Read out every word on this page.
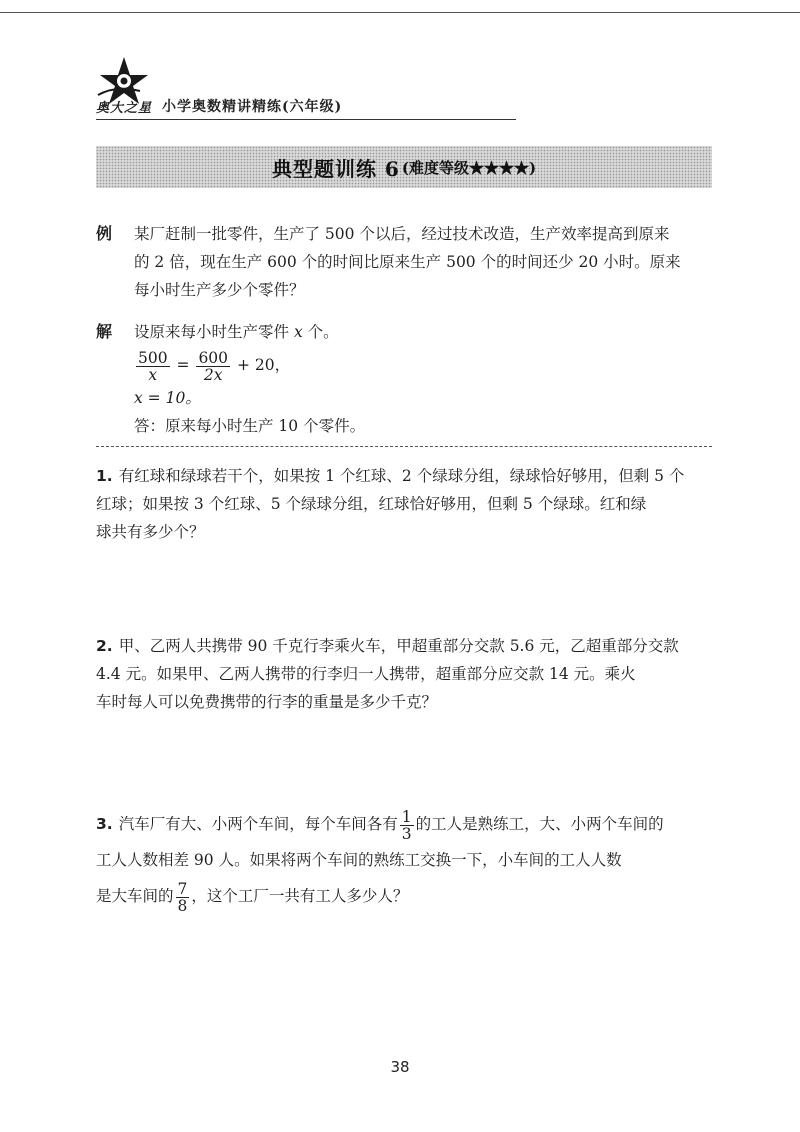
奥大之星 小学奥数精讲精练(六年级)
典型题训练 6 (难度等级★★★★)
例 某厂赶制一批零件，生产了 500 个以后，经过技术改造，生产效率提高到原来
的 2 倍，现在生产 600 个的时间比原来生产 500 个的时间还少 20 小时。原来
每小时生产多少个零件？
解 设原来每小时生产零件 x 个。
$\frac{500}{x} = \frac{600}{2x} + 20$，
x = 10。
答：原来每小时生产 10 个零件。
1. 有红球和绿球若干个，如果按 1 个红球、2 个绿球分组，绿球恰好够用，但剩 5 个
红球；如果按 3 个红球、5 个绿球分组，红球恰好够用，但剩 5 个绿球。红和绿
球共有多少个？
2. 甲、乙两人共携带 90 千克行李乘火车，甲超重部分交款 5.6 元，乙超重部分交款
4.4 元。如果甲、乙两人携带的行李归一人携带，超重部分应交款 14 元。乘火
车时每人可以免费携带的行李的重量是多少千克？
3. 汽车厂有大、小两个车间，每个车间各有 $\frac{1}{3}$ 的工人是熟练工，大、小两个车间的
工人人数相差 90 人。如果将两个车间的熟练工交换一下，小车间的工人人数
是大车间的 $\frac{7}{8}$ ，这个工厂一共有工人多少人？
38
